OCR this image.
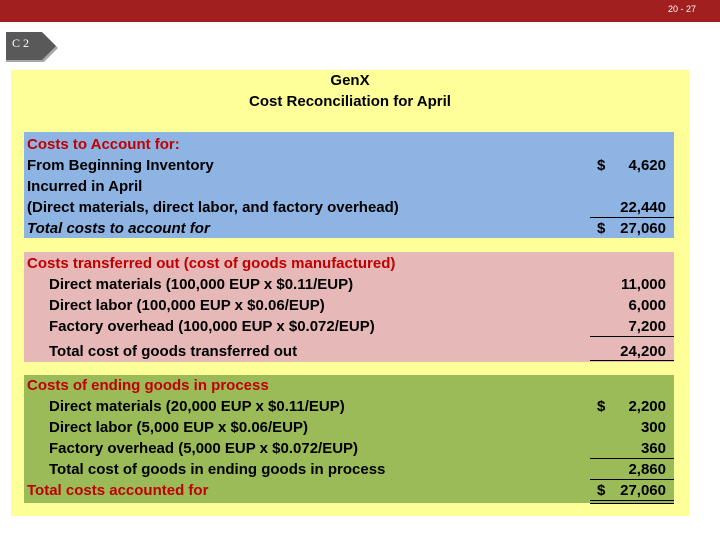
20 - 27
C 2
GenX
Cost Reconciliation for April
Costs to Account for:
From Beginning Inventory	$ 4,620
Incurred in April
(Direct materials, direct labor, and factory overhead)	22,440
Total costs to account for	$ 27,060
Costs transferred out (cost of goods manufactured)
Direct materials (100,000 EUP x $0.11/EUP)	11,000
Direct labor (100,000 EUP x $0.06/EUP)	6,000
Factory overhead (100,000 EUP x $0.072/EUP)	7,200
Total cost of goods transferred out	24,200
Costs of ending goods in process
Direct materials (20,000 EUP x $0.11/EUP)	$ 2,200
Direct labor (5,000 EUP x $0.06/EUP)	300
Factory overhead (5,000 EUP x $0.072/EUP)	360
Total cost of goods in ending goods in process	2,860
Total costs accounted for	$ 27,060
